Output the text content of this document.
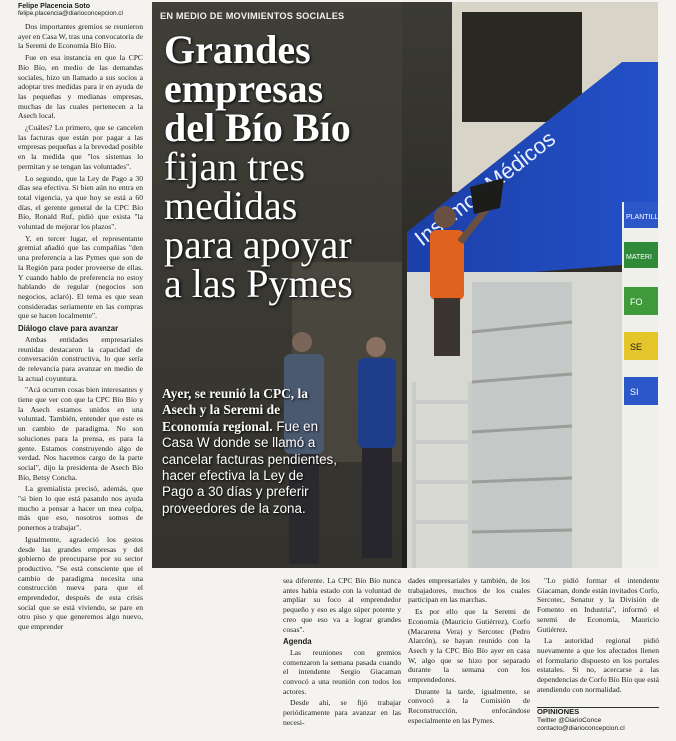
Felipe Placencia Soto
felipe.placencia@diarioconcepcion.cl

Dos importantes gremios se reunieron ayer en Casa W, tras una convocatoria de la Seremi de Economía Bío Bío.

Fue en esa instancia en que la CPC Bío Bío, en medio de las demandas sociales, hizo un llamado a sus socios a adoptar tres medidas para ir en ayuda de las pequeñas y medianas empresas, muchas de las cuales pertenecen a la Asech local.

¿Cuáles? Lo primero, que se cancelen las facturas que están por pagar a las empresas pequeñas a la brevedad posible en la medida que "los sistemas lo permitan y se tengan las voluntades".

Lo segundo, que la Ley de Pago a 30 días sea efectiva. Si bien aún no entra en total vigencia, ya que hoy se está a 60 días, el gerente general de la CPC Bío Bío, Ronald Ruf, pidió que exista "la voluntad de mejorar los plazos".

Y, en tercer lugar, el representante gremial añadió que las compañías "den una preferencia a las Pymes que son de la Región para poder proveerse de ellas. Y cuando hablo de preferencia no estoy hablando de regular (negocios son negocios, aclaró). El tema es que sean consideradas seriamente en las compras que se hacen localmente".

Diálogo clave para avanzar

Ambas entidades empresariales reunidas destacaron la capacidad de conversación constructiva, lo que sería de relevancia para avanzar en medio de la actual coyuntura.

"Acá ocurren cosas bien interesantes y tiene que ver con que la CPC Bío Bío y la Asech estamos unidos en una voluntad. También, entender que este es un cambio de paradigma. No son soluciones para la prensa, es para la gente. Estamos construyendo algo de verdad. Nos hacemos cargo de la parte social", dijo la presidenta de Asech Bío Bío, Betsy Concha.

La gremialista precisó, además, que "si bien lo que está pasando nos ayuda mucho a pensar a hacer un mea culpa, más que eso, nosotros somos de ponernos a trabajar".

Igualmente, agradeció los gestos desde las grandes empresas y del gobierno de preocuparse por su sector productivo. "Se está consciente que el cambio de paradigma necesita una construcción nueva para que el emprendedor, después de esta crisis social que se está viviendo, se pare en otro piso y que generemos algo nuevo, que emprender

Médicos
PLANTILL
MATERI
FO
SE
SI
EN MEDIO DE MOVIMIENTOS SOCIALES
Grandes empresas del Bío Bío fijan tres medidas para apoyar a las Pymes
Ayer, se reunió la CPC, la Asech y la Seremi de Economía regional. Fue en Casa W donde se llamó a cancelar facturas pendientes, hacer efectiva la Ley de Pago a 30 días y preferir proveedores de la zona.

sea diferente. La CPC Bío Bío nunca antes había estado con la voluntad de ampliar su foco al emprendedor pequeño y eso es algo súper potente y creo que eso va a lograr grandes cosas".

Agenda

Las reuniones con gremios comenzaron la semana pasada cuando el intendente Sergio Giacaman convocó a una reunión con todos los actores.

Desde ahí, se fijó trabajar periódicamente para avanzar en las necesi-

dades empresariales y también, de los trabajadores, muchos de los cuales participan en las marchas.

Es por ello que la Seremi de Economía (Mauricio Gutiérrez), Corfo (Macarena Vera) y Sercotec (Pedro Alarcón), se hayan reunido con la Asech y la CPC Bío Bío ayer en casa W, algo que se hizo por separado durante la semana con los emprendedores.

Durante la tarde, igualmente, se convocó a la Comisión de Reconstrucción, enfocándose especialmente en las Pymes.

"Lo pidió formar el intendente Giacaman, donde están invitados Corfo, Sercotec, Senatur y la División de Fomento en Industria", informó el seremi de Economía, Mauricio Gutiérrez.

La autoridad regional pidió nuevamente a que los afectados llenen el formulario dispuesto en los portales estatales. Si no, acercarse a las dependencias de Corfo Bío Bío que está atendiendo con normalidad.

OPINIONES
Twitter @DiarioConce
contacto@diarioconcepcion.cl
